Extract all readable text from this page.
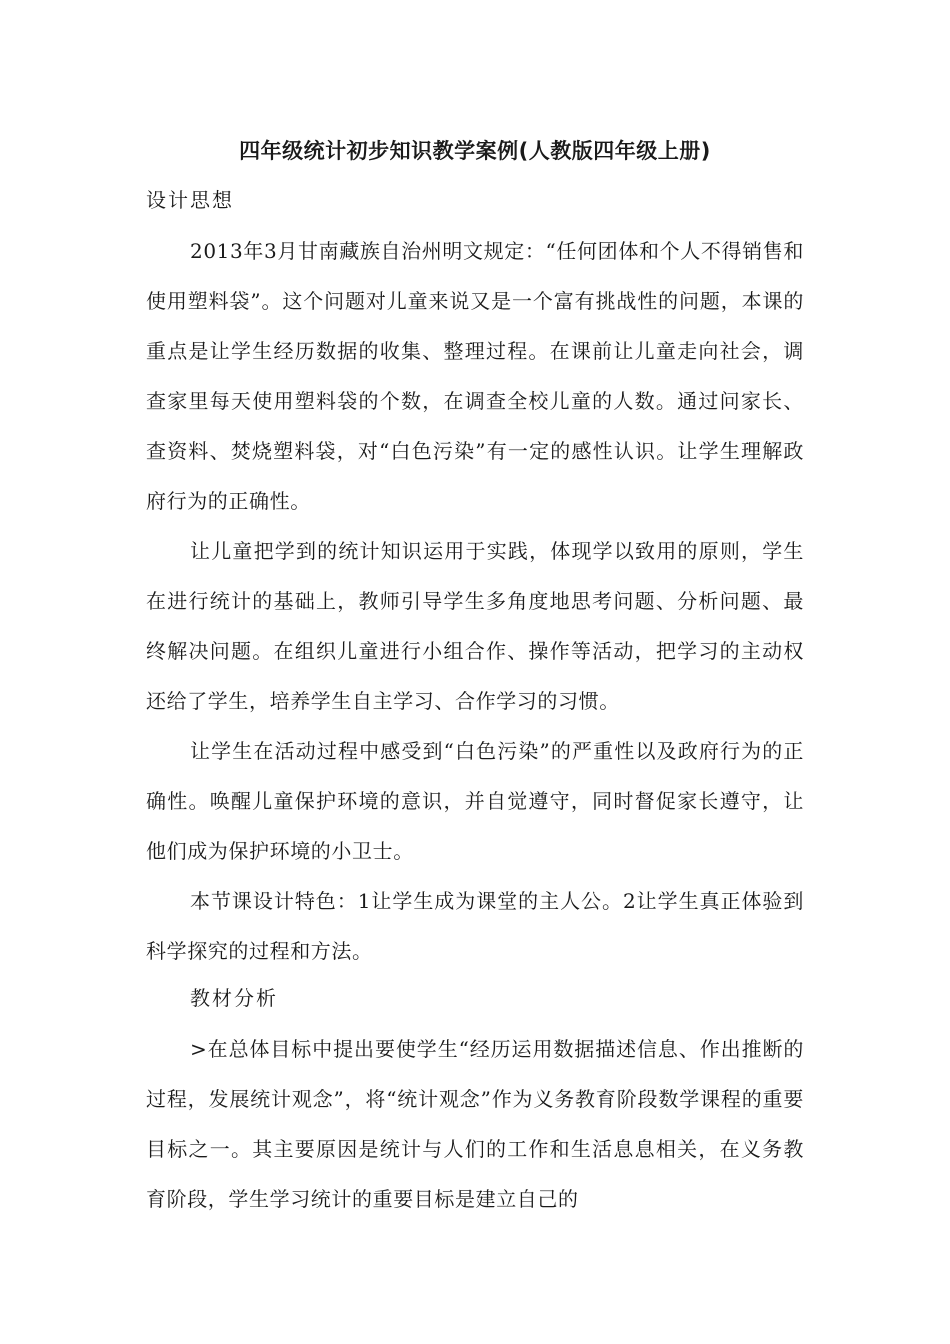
四年级统计初步知识教学案例(人教版四年级上册)
设计思想

2013年3月甘南藏族自治州明文规定：“任何团体和个人不得销售和使用塑料袋”。这个问题对儿童来说又是一个富有挑战性的问题，本课的重点是让学生经历数据的收集、整理过程。在课前让儿童走向社会，调查家里每天使用塑料袋的个数，在调查全校儿童的人数。通过问家长、查资料、焚烧塑料袋，对“白色污染”有一定的感性认识。让学生理解政府行为的正确性。

让儿童把学到的统计知识运用于实践，体现学以致用的原则，学生在进行统计的基础上，教师引导学生多角度地思考问题、分析问题、最终解决问题。在组织儿童进行小组合作、操作等活动，把学习的主动权还给了学生，培养学生自主学习、合作学习的习惯。

让学生在活动过程中感受到“白色污染”的严重性以及政府行为的正确性。唤醒儿童保护环境的意识，并自觉遵守，同时督促家长遵守，让他们成为保护环境的小卫士。

本节课设计特色：1让学生成为课堂的主人公。2让学生真正体验到科学探究的过程和方法。

教材分析

>在总体目标中提出要使学生“经历运用数据描述信息、作出推断的过程，发展统计观念”，将“统计观念”作为义务教育阶段数学课程的重要目标之一。其主要原因是统计与人们的工作和生活息息相关，在义务教育阶段，学生学习统计的重要目标是建立自己的
